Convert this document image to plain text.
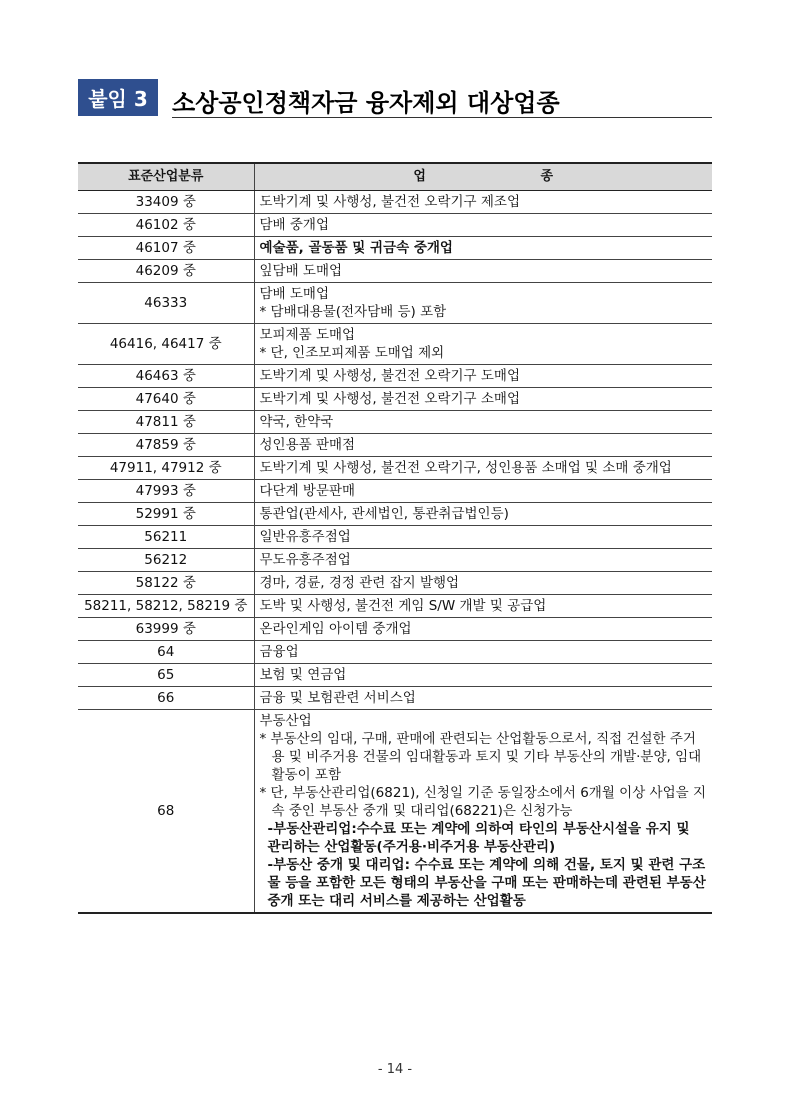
붙임 3	소상공인정책자금 융자제외 대상업종
표준산업분류	업 종
33409 중	도박기계 및 사행성, 불건전 오락기구 제조업

46102 중	담배 중개업

46107 중	예술품, 골동품 및 귀금속 중개업

46209 중	잎담배 도매업

46333	담배 도매업
* 담배대용물(전자담배 등) 포함

46416, 46417 중	모피제품 도매업
* 단, 인조모피제품 도매업 제외

46463 중	도박기계 및 사행성, 불건전 오락기구 도매업

47640 중	도박기계 및 사행성, 불건전 오락기구 소매업

47811 중	약국, 한약국

47859 중	성인용품 판매점

47911, 47912 중	도박기계 및 사행성, 불건전 오락기구, 성인용품 소매업 및 소매 중개업

47993 중	다단계 방문판매

52991 중	통관업(관세사, 관세법인, 통관취급법인등)

56211	일반유흥주점업

56212	무도유흥주점업

58122 중	경마, 경륜, 경정 관련 잡지 발행업

58211, 58212, 58219 중	도박 및 사행성, 불건전 게임 S/W 개발 및 공급업

63999 중	온라인게임 아이템 중개업

64	금융업

65	보험 및 연금업

66	금융 및 보험관련 서비스업

68	부동산업
* 부동산의 임대, 구매, 판매에 관련되는 산업활동으로서, 직접 건설한 주거용 및 비주거용 건물의 임대활동과 토지 및 기타 부동산의 개발·분양, 임대 활동이 포함
* 단, 부동산관리업(6821), 신청일 기준 동일장소에서 6개월 이상 사업을 지속 중인 부동산 중개 및 대리업(68221)은 신청가능
-부동산관리업:수수료 또는 계약에 의하여 타인의 부동산시설을 유지 및 관리하는 산업활동(주거용·비주거용 부동산관리)
-부동산 중개 및 대리업: 수수료 또는 계약에 의해 건물, 토지 및 관련 구조물 등을 포함한 모든 형태의 부동산을 구매 또는 판매하는데 관련된 부동산 중개 또는 대리 서비스를 제공하는 산업활동
- 14 -
